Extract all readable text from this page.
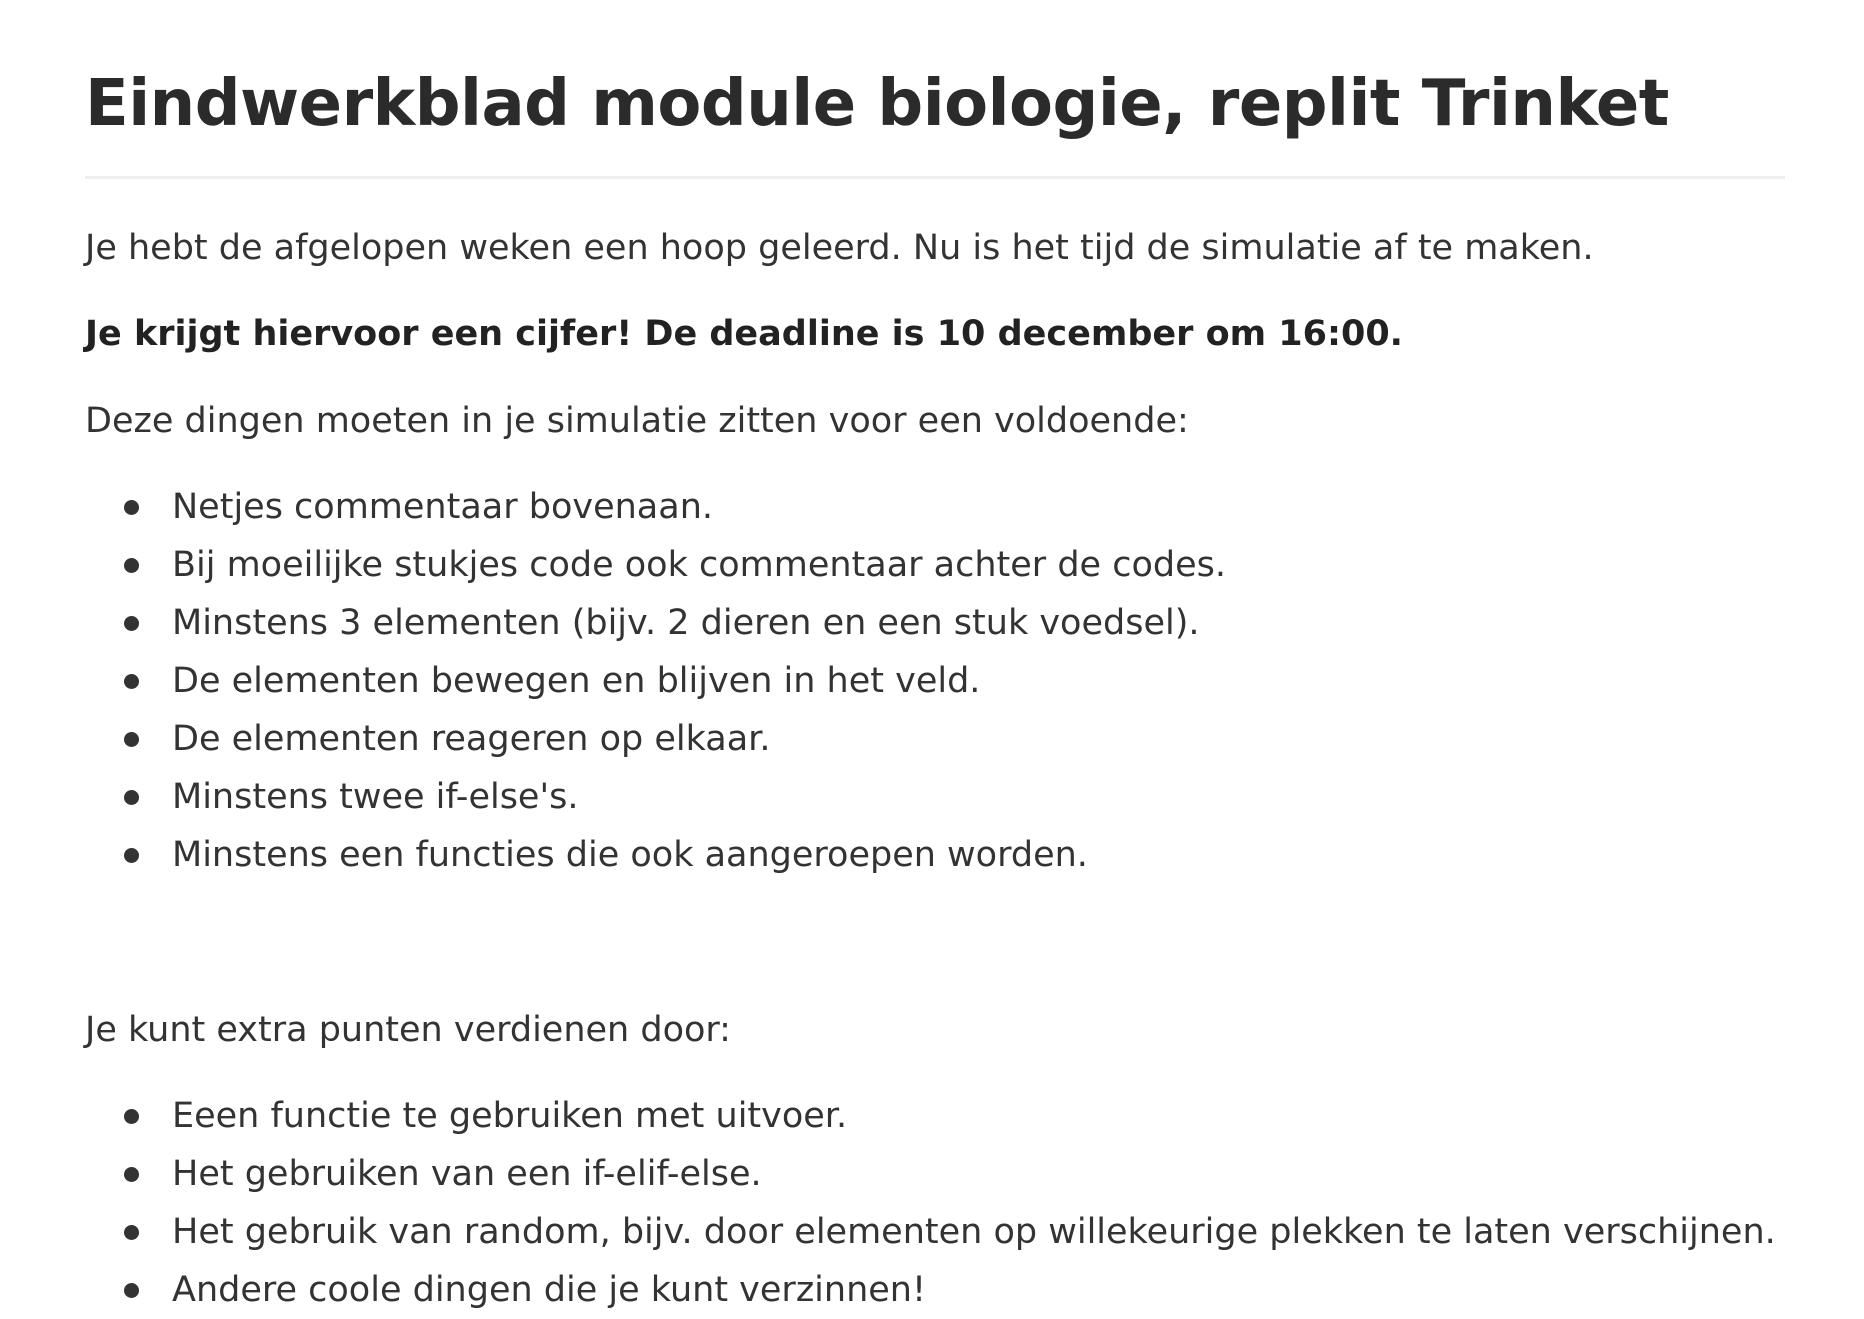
Eindwerkblad module biologie, replit Trinket

Je hebt de afgelopen weken een hoop geleerd. Nu is het tijd de simulatie af te maken.

Je krijgt hiervoor een cijfer! De deadline is 10 december om 16:00.

Deze dingen moeten in je simulatie zitten voor een voldoende:

Netjes commentaar bovenaan.
Bij moeilijke stukjes code ook commentaar achter de codes.
Minstens 3 elementen (bijv. 2 dieren en een stuk voedsel).
De elementen bewegen en blijven in het veld.
De elementen reageren op elkaar.
Minstens twee if-else's.
Minstens een functies die ook aangeroepen worden.

Je kunt extra punten verdienen door:

Eeen functie te gebruiken met uitvoer.
Het gebruiken van een if-elif-else.
Het gebruik van random, bijv. door elementen op willekeurige plekken te laten verschijnen.
Andere coole dingen die je kunt verzinnen!
